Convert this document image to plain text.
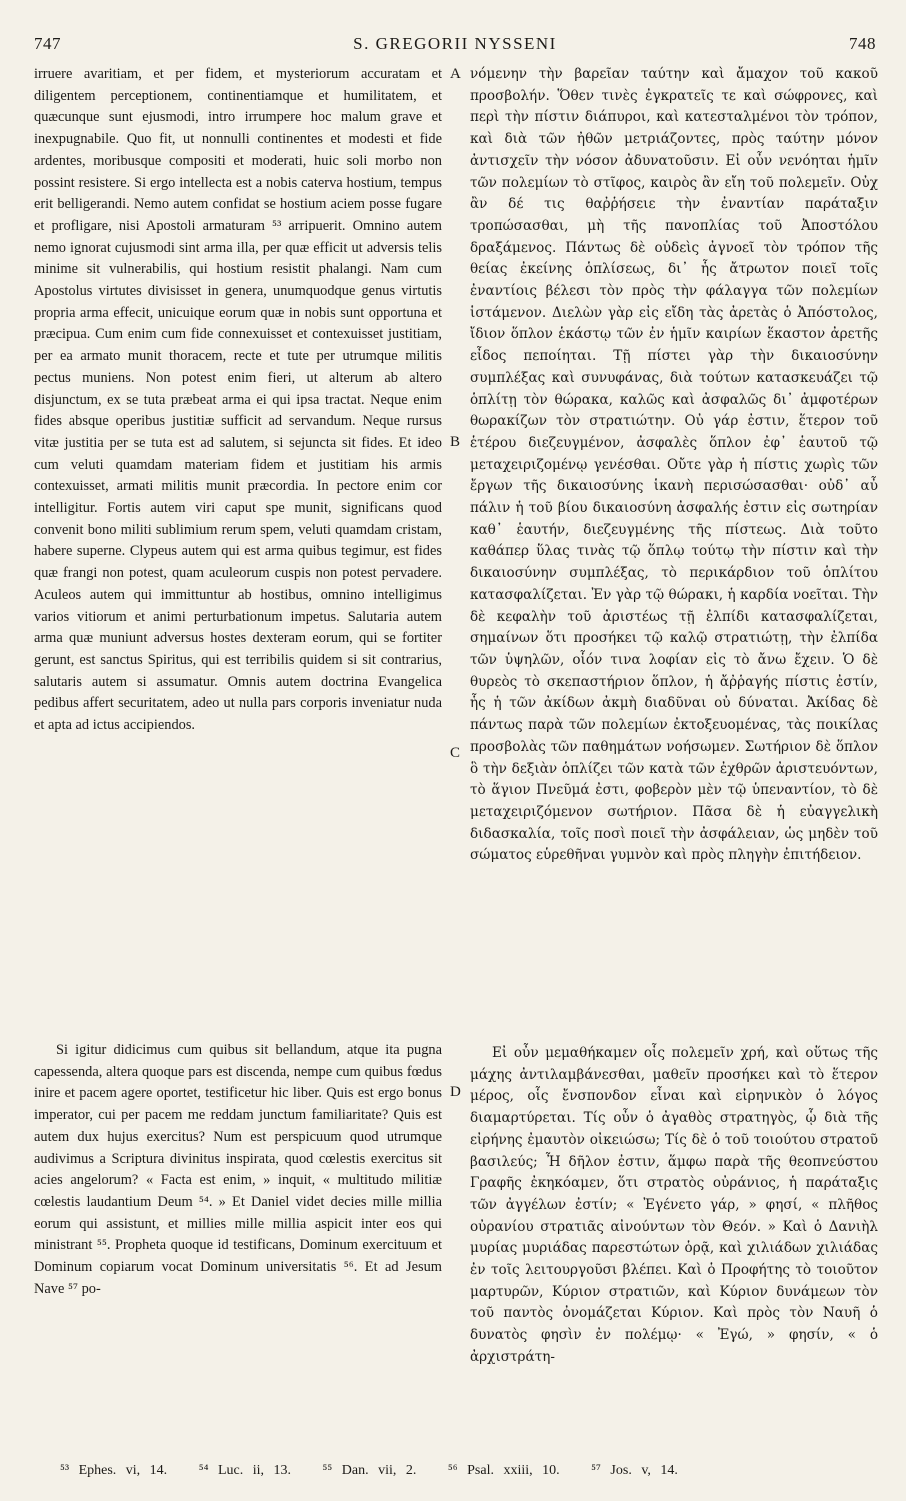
747	S. GREGORII NYSSENI	748

irruere avaritiam, et per fidem, et mysteriorum accuratam et diligentem perceptionem, continentiamque et humilitatem, et quæcunque sunt ejusmodi, intro irrumpere hoc malum grave et inexpugnabile. Quo fit, ut nonnulli continentes et modesti et fide ardentes, moribusque compositi et moderati, huic soli morbo non possint resistere. Si ergo intellecta est a nobis caterva hostium, tempus erit belligerandi. Nemo autem confidat se hostium aciem posse fugare et profligare, nisi Apostoli armaturam ⁵³ arripuerit. Omnino autem nemo ignorat cujusmodi sint arma illa, per quæ efficit ut adversis telis minime sit vulnerabilis, qui hostium resistit phalangi. Nam cum Apostolus virtutes divisisset in genera, unumquodque genus virtutis propria arma effecit, unicuique eorum quæ in nobis sunt opportuna et præcipua. Cum enim cum fide connexuisset et contexuisset justitiam, per ea armato munit thoracem, recte et tute per utrumque militis pectus muniens. Non potest enim fieri, ut alterum ab altero disjunctum, ex se tuta præbeat arma ei qui ipsa tractat. Neque enim fides absque operibus justitiæ sufficit ad servandum. Neque rursus vitæ justitia per se tuta est ad salutem, si sejuncta sit fides. Et ideo cum veluti quamdam materiam fidem et justitiam his armis contexuisset, armati militis munit præcordia. In pectore enim cor intelligitur. Fortis autem viri caput spe munit, significans quod convenit bono militi sublimium rerum spem, veluti quamdam cristam, habere superne. Clypeus autem qui est arma quibus tegimur, est fides quæ frangi non potest, quam aculeorum cuspis non potest pervadere. Aculeos autem qui immittuntur ab hostibus, omnino intelligimus varios vitiorum et animi perturbationum impetus. Salutaria autem arma quæ muniunt adversus hostes dexteram eorum, qui se fortiter gerunt, est sanctus Spiritus, qui est terribilis quidem si sit contrarius, salutaris autem si assumatur. Omnis autem doctrina Evangelica pedibus affert securitatem, adeo ut nulla pars corporis inveniatur nuda et apta ad ictus accipiendos.

νόμενην τὴν βαρεῖαν ταύτην καὶ ἄμαχον τοῦ κακοῦ προσβολήν. Ὅθεν τινὲς ἐγκρατεῖς τε καὶ σώφρονες, καὶ περὶ τὴν πίστιν διάπυροι, καὶ κατεσταλμένοι τὸν τρόπον, καὶ διὰ τῶν ἠθῶν μετριάζοντες, πρὸς ταύτην μόνον ἀντισχεῖν τὴν νόσον ἀδυνατοῦσιν. Εἰ οὖν νενόηται ἡμῖν τῶν πολεμίων τὸ στῖφος, καιρὸς ἂν εἴη τοῦ πολεμεῖν. Οὐχ ἂν δέ τις θαῤῥήσειε τὴν ἐναντίαν παράταξιν τροπώσασθαι, μὴ τῆς πανοπλίας τοῦ Ἀποστόλου δραξάμενος. Πάντως δὲ οὐδεὶς ἀγνοεῖ τὸν τρόπον τῆς θείας ἐκείνης ὁπλίσεως, δι᾽ ἧς ἄτρωτον ποιεῖ τοῖς ἐναντίοις βέλεσι τὸν πρὸς τὴν φάλαγγα τῶν πολεμίων ἱστάμενον. Διελὼν γὰρ εἰς εἴδη τὰς ἀρετὰς ὁ Ἀπόστολος, ἴδιον ὅπλον ἑκάστῳ τῶν ἐν ἡμῖν καιρίων ἕκαστον ἀρετῆς εἶδος πεποίηται. Τῇ πίστει γὰρ τὴν δικαιοσύνην συμπλέξας καὶ συνυφάνας, διὰ τούτων κατασκευάζει τῷ ὁπλίτῃ τὸν θώρακα, καλῶς καὶ ἀσφαλῶς δι᾽ ἀμφοτέρων θωρακίζων τὸν στρατιώτην. Οὐ γάρ ἐστιν, ἕτερον τοῦ ἑτέρου διεζευγμένον, ἀσφαλὲς ὅπλον ἐφ᾽ ἑαυτοῦ τῷ μεταχειριζομένῳ γενέσθαι. Οὔτε γὰρ ἡ πίστις χωρὶς τῶν ἔργων τῆς δικαιοσύνης ἱκανὴ περισώσασθαι· οὐδ᾽ αὖ πάλιν ἡ τοῦ βίου δικαιοσύνη ἀσφαλής ἐστιν εἰς σωτηρίαν καθ᾽ ἑαυτήν, διεζευγμένης τῆς πίστεως. Διὰ τοῦτο καθάπερ ὕλας τινὰς τῷ ὅπλῳ τούτῳ τὴν πίστιν καὶ τὴν δικαιοσύνην συμπλέξας, τὸ περικάρδιον τοῦ ὁπλίτου κατασφαλίζεται. Ἐν γὰρ τῷ θώρακι, ἡ καρδία νοεῖται. Τὴν δὲ κεφαλὴν τοῦ ἀριστέως τῇ ἐλπίδι κατασφαλίζεται, σημαίνων ὅτι προσήκει τῷ καλῷ στρατιώτῃ, τὴν ἐλπίδα τῶν ὑψηλῶν, οἷόν τινα λοφίαν εἰς τὸ ἄνω ἔχειν. Ὁ δὲ θυρεὸς τὸ σκεπαστήριον ὅπλον, ἡ ἄῤῥαγής πίστις ἐστίν, ἧς ἡ τῶν ἀκίδων ἀκμὴ διαδῦναι οὐ δύναται. Ἀκίδας δὲ πάντως παρὰ τῶν πολεμίων ἐκτοξευομένας, τὰς ποικίλας προσβολὰς τῶν παθημάτων νοήσωμεν. Σωτήριον δὲ ὅπλον ὃ τὴν δεξιὰν ὁπλίζει τῶν κατὰ τῶν ἐχθρῶν ἀριστευόντων, τὸ ἅγιον Πνεῦμά ἐστι, φοβερὸν μὲν τῷ ὑπεναντίον, τὸ δὲ μεταχειριζόμενον σωτήριον. Πᾶσα δὲ ἡ εὐαγγελικὴ διδασκαλία, τοῖς ποσὶ ποιεῖ τὴν ἀσφάλειαν, ὡς μηδὲν τοῦ σώματος εὑρεθῆναι γυμνὸν καὶ πρὸς πληγὴν ἐπιτήδειον.

A
B
C
D

Si igitur didicimus cum quibus sit bellandum, atque ita pugna capessenda, altera quoque pars est discenda, nempe cum quibus fœdus inire et pacem agere oportet, testificetur hic liber. Quis est ergo bonus imperator, cui per pacem me reddam junctum familiaritate? Quis est autem dux hujus exercitus? Num est perspicuum quod utrumque audivimus a Scriptura divinitus inspirata, quod cœlestis exercitus sit acies angelorum? « Facta est enim, » inquit, « multitudo militiæ cœlestis laudantium Deum ⁵⁴. » Et Daniel videt decies mille millia eorum qui assistunt, et millies mille millia aspicit inter eos qui ministrant ⁵⁵. Propheta quoque id testificans, Dominum exercituum et Dominum copiarum vocat Dominum universitatis ⁵⁶. Et ad Jesum Nave ⁵⁷ po-

Εἰ οὖν μεμαθήκαμεν οἷς πολεμεῖν χρή, καὶ οὕτως τῆς μάχης ἀντιλαμβάνεσθαι, μαθεῖν προσήκει καὶ τὸ ἕτερον μέρος, οἷς ἔνσπονδον εἶναι καὶ εἰρηνικὸν ὁ λόγος διαμαρτύρεται. Τίς οὖν ὁ ἀγαθὸς στρατηγὸς, ᾧ διὰ τῆς εἰρήνης ἐμαυτὸν οἰκειώσω; Τίς δὲ ὁ τοῦ τοιούτου στρατοῦ βασιλεύς; Ἦ δῆλον ἐστιν, ἅμφω παρὰ τῆς θεοπνεύστου Γραφῆς ἐκηκόαμεν, ὅτι στρατὸς οὐράνιος, ἡ παράταξις τῶν ἀγγέλων ἐστίν; « Ἐγένετο γάρ, » φησί, « πλῆθος οὐρανίου στρατιᾶς αἰνούντων τὸν Θεόν. » Καὶ ὁ Δανιὴλ μυρίας μυριάδας παρεστώτων ὁρᾷ, καὶ χιλιάδων χιλιάδας ἐν τοῖς λειτουργοῦσι βλέπει. Καὶ ὁ Προφήτης τὸ τοιοῦτον μαρτυρῶν, Κύριον στρατιῶν, καὶ Κύριον δυνάμεων τὸν τοῦ παντὸς ὀνομάζεται Κύριον. Καὶ πρὸς τὸν Ναυῆ ὁ δυνατὸς φησὶν ἐν πολέμῳ· « Ἐγώ, » φησίν, « ὁ ἀρχιστράτη-

⁵³ Ephes. vi, 14. ⁵⁴ Luc. ii, 13. ⁵⁵ Dan. vii, 2. ⁵⁶ Psal. xxiii, 10. ⁵⁷ Jos. v, 14.
